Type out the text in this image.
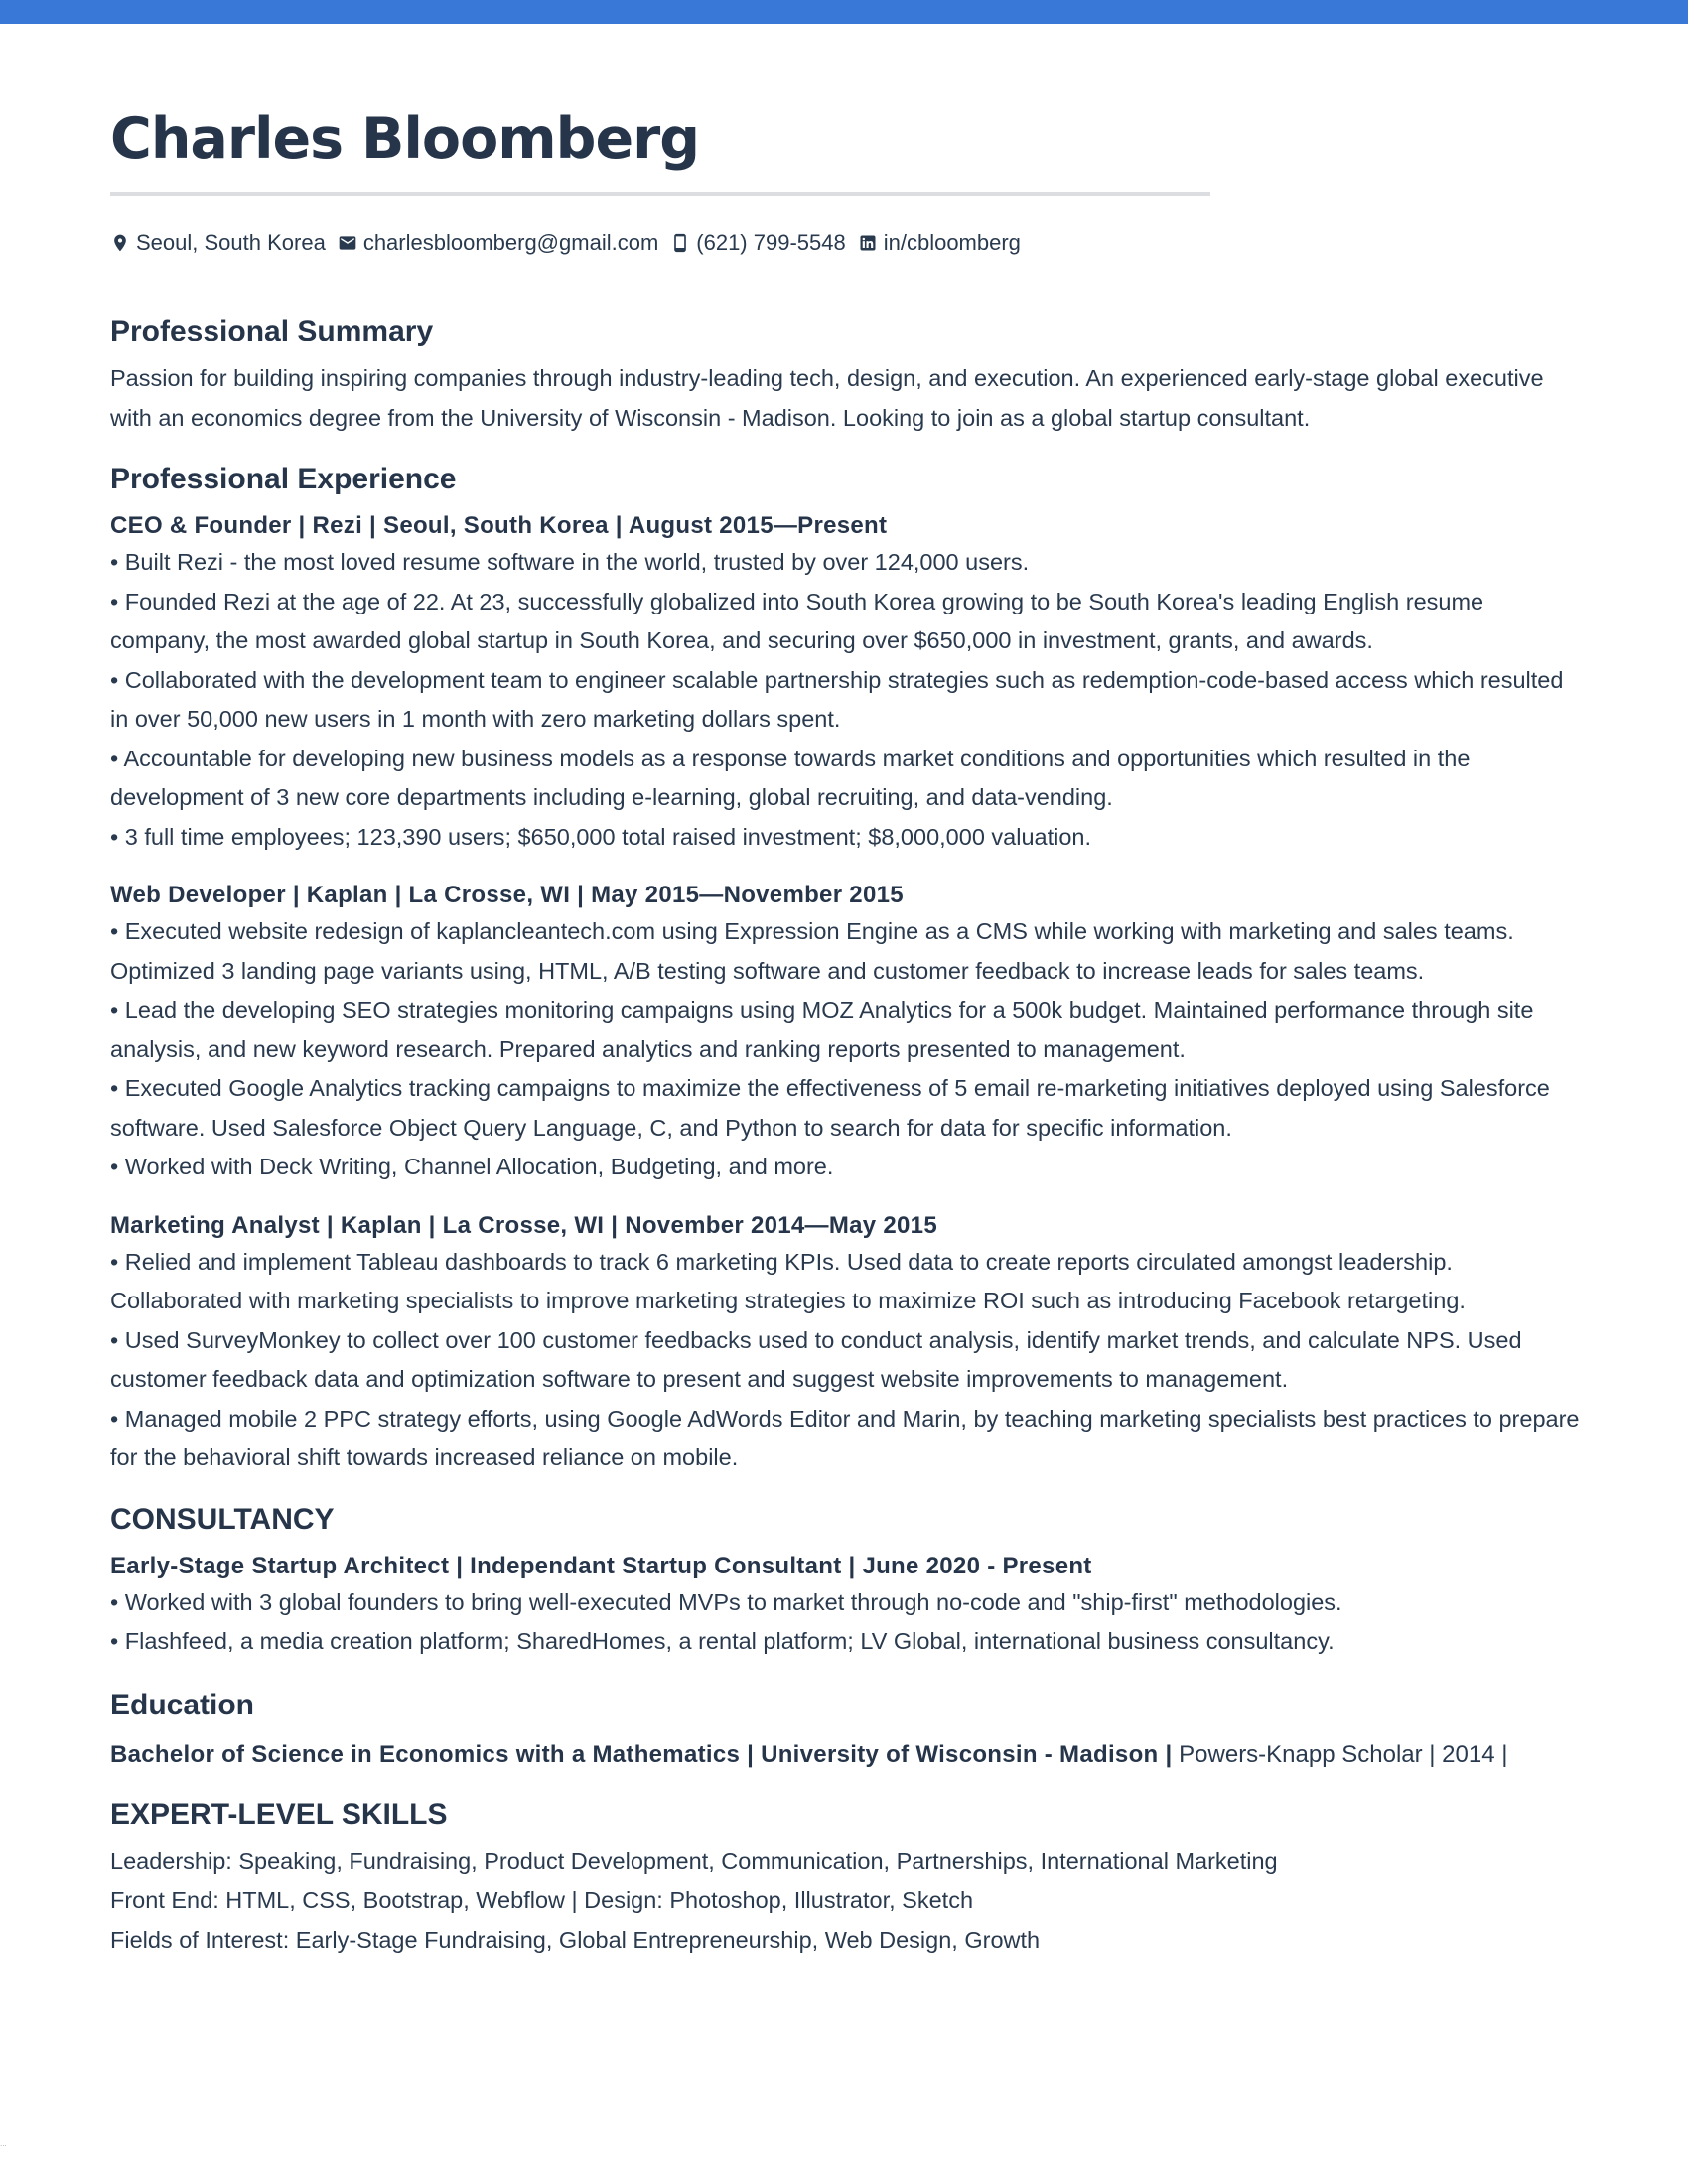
Charles Bloomberg
Seoul, South Korea charlesbloomberg@gmail.com (621) 799-5548 in/cbloomberg
Professional Summary

Passion for building inspiring companies through industry-leading tech, design, and execution. An experienced early-stage global executive with an economics degree from the University of Wisconsin - Madison. Looking to join as a global startup consultant.

Professional Experience

CEO & Founder | Rezi | Seoul, South Korea | August 2015—Present

• Built Rezi - the most loved resume software in the world, trusted by over 124,000 users.

• Founded Rezi at the age of 22. At 23, successfully globalized into South Korea growing to be South Korea's leading English resume company, the most awarded global startup in South Korea, and securing over $650,000 in investment, grants, and awards.

• Collaborated with the development team to engineer scalable partnership strategies such as redemption-code-based access which resulted in over 50,000 new users in 1 month with zero marketing dollars spent.

• Accountable for developing new business models as a response towards market conditions and opportunities which resulted in the development of 3 new core departments including e-learning, global recruiting, and data-vending.

• 3 full time employees; 123,390 users; $650,000 total raised investment; $8,000,000 valuation.

Web Developer | Kaplan | La Crosse, WI | May 2015—November 2015

• Executed website redesign of kaplancleantech.com using Expression Engine as a CMS while working with marketing and sales teams. Optimized 3 landing page variants using, HTML, A/B testing software and customer feedback to increase leads for sales teams.

• Lead the developing SEO strategies monitoring campaigns using MOZ Analytics for a 500k budget. Maintained performance through site analysis, and new keyword research. Prepared analytics and ranking reports presented to management.

• Executed Google Analytics tracking campaigns to maximize the effectiveness of 5 email re-marketing initiatives deployed using Salesforce software. Used Salesforce Object Query Language, C, and Python to search for data for specific information.

• Worked with Deck Writing, Channel Allocation, Budgeting, and more.

Marketing Analyst | Kaplan | La Crosse, WI | November 2014—May 2015

• Relied and implement Tableau dashboards to track 6 marketing KPIs. Used data to create reports circulated amongst leadership. Collaborated with marketing specialists to improve marketing strategies to maximize ROI such as introducing Facebook retargeting.

• Used SurveyMonkey to collect over 100 customer feedbacks used to conduct analysis, identify market trends, and calculate NPS. Used customer feedback data and optimization software to present and suggest website improvements to management.

• Managed mobile 2 PPC strategy efforts, using Google AdWords Editor and Marin, by teaching marketing specialists best practices to prepare for the behavioral shift towards increased reliance on mobile.

CONSULTANCY

Early-Stage Startup Architect | Independant Startup Consultant | June 2020 - Present

• Worked with 3 global founders to bring well-executed MVPs to market through no-code and "ship-first" methodologies.

• Flashfeed, a media creation platform; SharedHomes, a rental platform; LV Global, international business consultancy.

Education

Bachelor of Science in Economics with a Mathematics | University of Wisconsin - Madison | Powers-Knapp Scholar | 2014 |

EXPERT-LEVEL SKILLS

Leadership: Speaking, Fundraising, Product Development, Communication, Partnerships, International Marketing

Front End: HTML, CSS, Bootstrap, Webflow | Design: Photoshop, Illustrator, Sketch

Fields of Interest: Early-Stage Fundraising, Global Entrepreneurship, Web Design, Growth

...
